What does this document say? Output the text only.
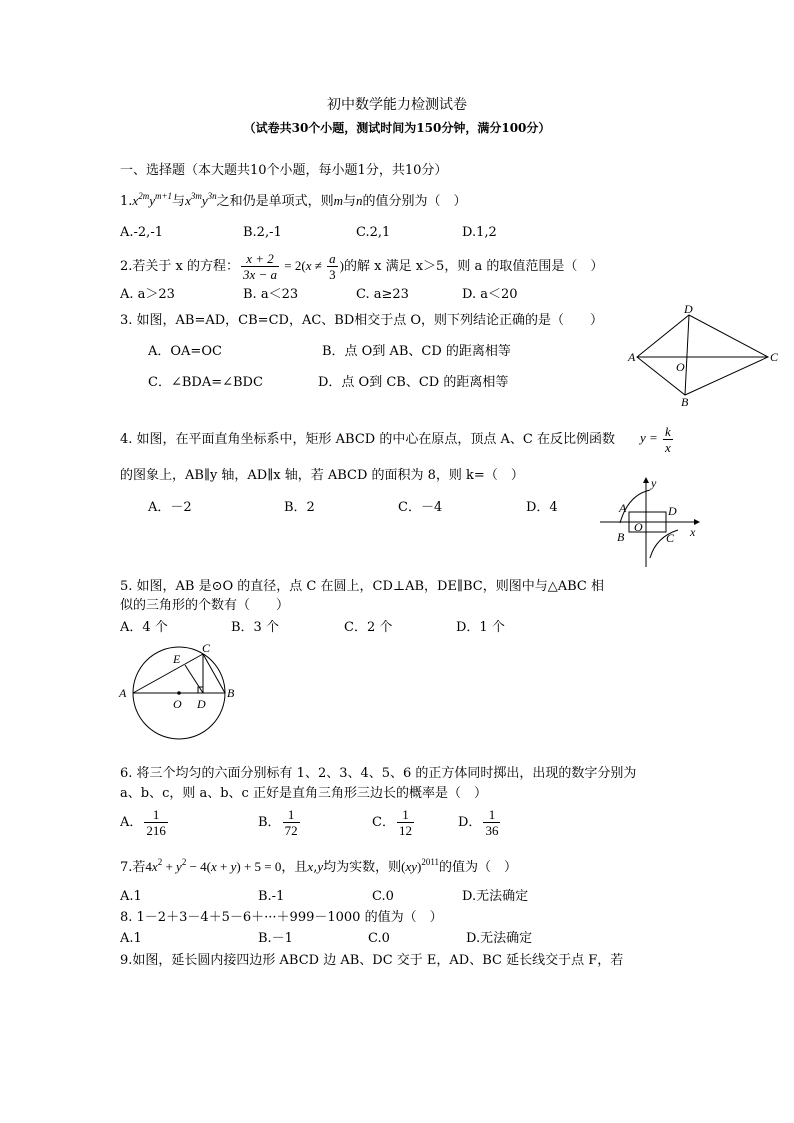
初中数学能力检测试卷
（试卷共30个小题，测试时间为150分钟，满分100分）
一、选择题（本大题共10个小题，每小题1分，共10分）
$1.x^{2m}y^{m+1}$与$x^{3m}y^{3n}$之和仍是单项式，则m与n的值分别为（　）
A.-2,-1	B.2,-1	C.2,1	D.1,2
2.若关于 x 的方程： $\frac{x + 2}{3x - a} = 2(x \ne \frac{a}{3}$ )的解 x 满足 x＞5，则 a 的取值范围是（　）
A. a＞23	B. a＜23	C. a≥23	D. a＜20
3. 如图，AB=AD，CB=CD，AC、BD相交于点 O，则下列结论正确的是（　　）
A．OA=OC	B．点 O到 AB、CD 的距离相等
C．∠BDA=∠BDC	D．点 O到 CB、CD 的距离相等
A
D
C
B
O
4. 如图，在平面直角坐标系中，矩形 ABCD 的中心在原点，顶点 A、C 在反比例函数 $y = \frac{k}{x}$
的图象上，AB∥y 轴，AD∥x 轴，若 ABCD 的面积为 8，则 k=（　）
A．－2	B．2	C．－4	D．4
y
x
A	D
O
B	C
5. 如图，AB 是⊙O 的直径，点 C 在圆上，CD⊥AB，DE∥BC，则图中与△ABC 相
似的三角形的个数有（　　）
A．4 个	B．3 个	C．2 个	D．1 个
A	B
C
E
O D
6. 将三个均匀的六面分别标有 1、2、3、4、5、6 的正方体同时掷出，出现的数字分别为
a、b、c，则 a、b、c 正好是直角三角形三边长的概率是（　）
A． $\frac{1}{216}$	B． $\frac{1}{72}$	C． $\frac{1}{12}$	D． $\frac{1}{36}$
7.若$4x^2 + y^2 - 4(x + y) + 5 = 0$，且x,y均为实数，则(xy)$^{2011}$的值为（　）
A.1	B.-1	C.0	D.无法确定
8. 1－2＋3－4＋5－6＋···＋999－1000 的值为（　）
A.1	B.－1	C.0	D.无法确定
9.如图，延长圆内接四边形 ABCD 边 AB、DC 交于 E，AD、BC 延长线交于点 F，若
